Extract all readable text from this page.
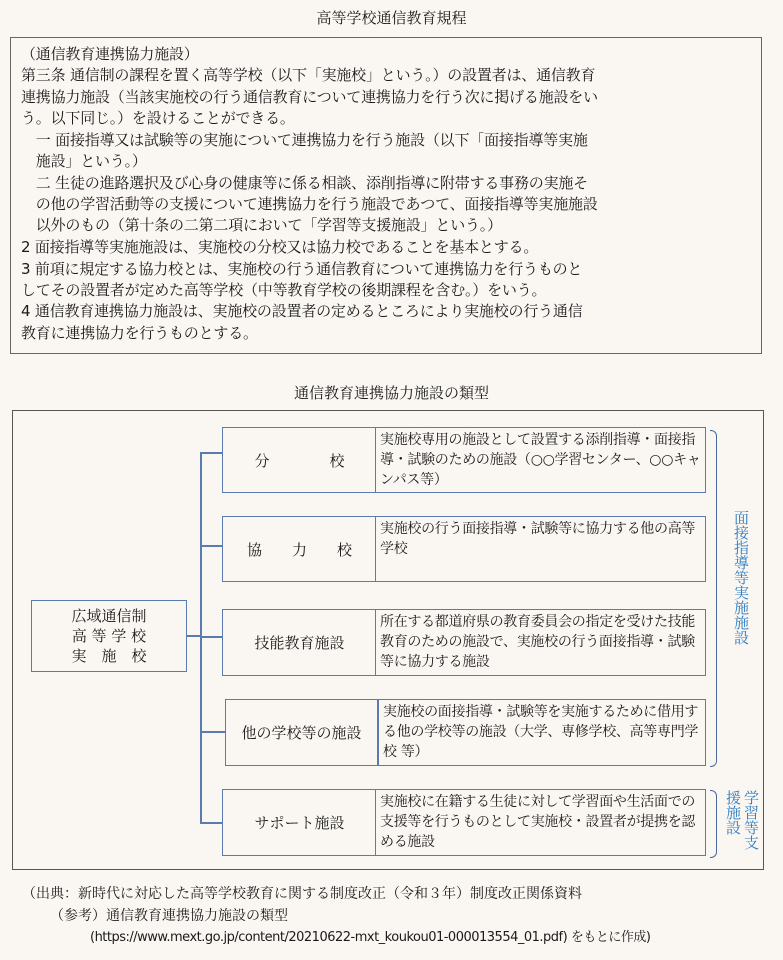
高等学校通信教育規程
（通信教育連携協力施設）
第三条 通信制の課程を置く高等学校（以下「実施校」という。）の設置者は、通信教育
連携協力施設（当該実施校の行う通信教育について連携協力を行う次に掲げる施設をい
う。以下同じ。）を設けることができる。
　一 面接指導又は試験等の実施について連携協力を行う施設（以下「面接指導等実施
　施設」という。）
　二 生徒の進路選択及び心身の健康等に係る相談、添削指導に附帯する事務の実施そ
　の他の学習活動等の支援について連携協力を行う施設であつて、面接指導等実施施設
　以外のもの（第十条の二第二項において「学習等支援施設」という。）
2 面接指導等実施施設は、実施校の分校又は協力校であることを基本とする。
3 前項に規定する協力校とは、実施校の行う通信教育について連携協力を行うものと
してその設置者が定めた高等学校（中等教育学校の後期課程を含む。）をいう。
4 通信教育連携協力施設は、実施校の設置者の定めるところにより実施校の行う通信
教育に連携協力を行うものとする。
通信教育連携協力施設の類型
広域通信制
高 等 学 校
実　施　校
分　　　　校
実施校専用の施設として設置する添削指導・面接指導・試験のための施設（○○学習センター、○○キャンパス等）
協　　力　　校
実施校の行う面接指導・試験等に協力する他の高等学校
技能教育施設
所在する都道府県の教育委員会の指定を受けた技能教育のための施設で、実施校の行う面接指導・試験等に協力する施設
他の学校等の施設
実施校の面接指導・試験等を実施するために借用する他の学校等の施設（大学、専修学校、高等専門学校 等）
サポート施設
実施校に在籍する生徒に対して学習面や生活面での支援等を行うものとして実施校・設置者が提携を認める施設
面接指導等実施施設
学習等支援施設
（出典：新時代に対応した高等学校教育に関する制度改正（令和３年）制度改正関係資料
（参考）通信教育連携協力施設の類型
(https://www.mext.go.jp/content/20210622-mxt_koukou01-000013554_01.pdf) をもとに作成)
